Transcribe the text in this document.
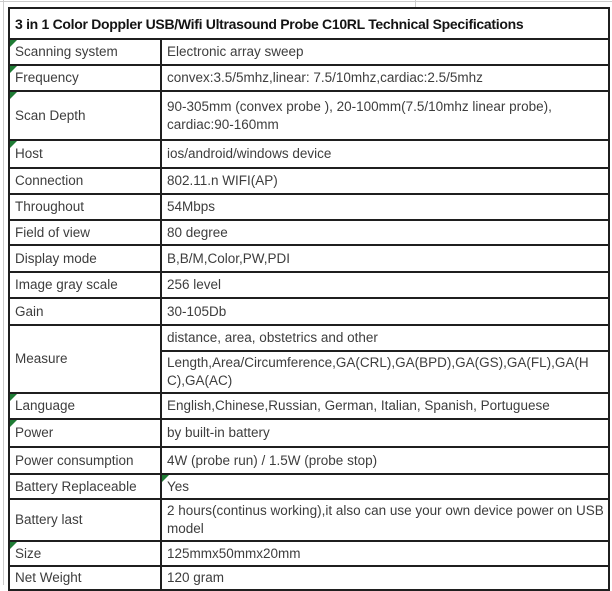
3 in 1 Color Doppler USB/Wifi Ultrasound Probe C10RL Technical Specifications	
Scanning system	Electronic array sweep
Frequency	convex:3.5/5mhz,linear: 7.5/10mhz,cardiac:2.5/5mhz
Scan Depth	90-305mm (convex probe ), 20-100mm(7.5/10mhz linear probe), cardiac:90-160mm
Host	ios/android/windows device
Connection	802.11.n WIFI(AP)
Throughout	54Mbps
Field of view	80 degree
Display mode	B,B/M,Color,PW,PDI
Image gray scale	256 level
Gain	30-105Db
Measure	distance, area, obstetrics and other
	Length,Area/Circumference,GA(CRL),GA(BPD),GA(GS),GA(FL),GA(HC),GA(AC)
Language	English,Chinese,Russian, German, Italian, Spanish, Portuguese
Power	by built-in battery
Power consumption	4W (probe run) / 1.5W (probe stop)
Battery Replaceable	Yes
Battery last	2 hours(continus working),it also can use your own device power on USB model
Size	125mmx50mmx20mm
Net Weight	120 gram
